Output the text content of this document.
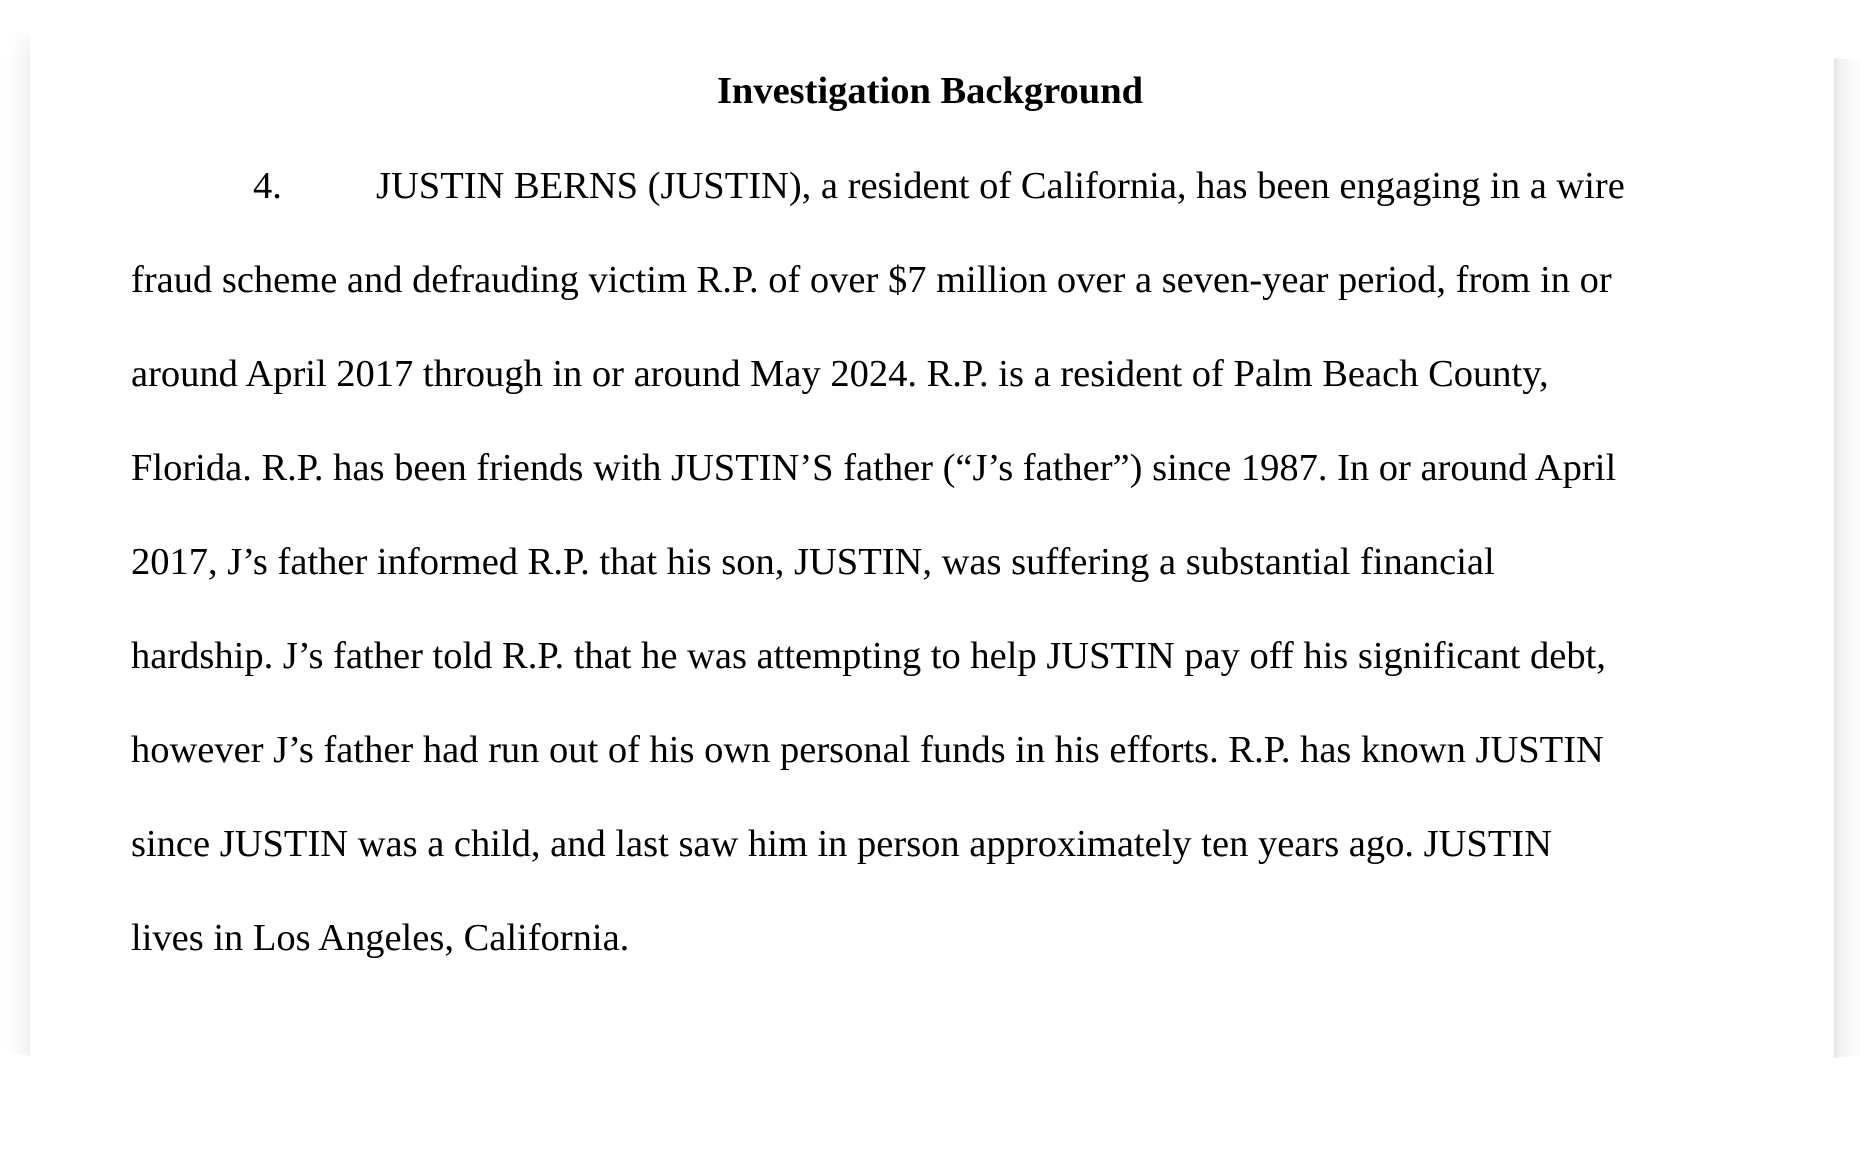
Investigation Background
4. JUSTIN BERNS (JUSTIN), a resident of California, has been engaging in a wire

fraud scheme and defrauding victim R.P. of over $7 million over a seven-year period, from in or

around April 2017 through in or around May 2024. R.P. is a resident of Palm Beach County,

Florida. R.P. has been friends with JUSTIN’S father (“J’s father”) since 1987. In or around April

2017, J’s father informed R.P. that his son, JUSTIN, was suffering a substantial financial

hardship. J’s father told R.P. that he was attempting to help JUSTIN pay off his significant debt,

however J’s father had run out of his own personal funds in his efforts. R.P. has known JUSTIN

since JUSTIN was a child, and last saw him in person approximately ten years ago. JUSTIN

lives in Los Angeles, California.
